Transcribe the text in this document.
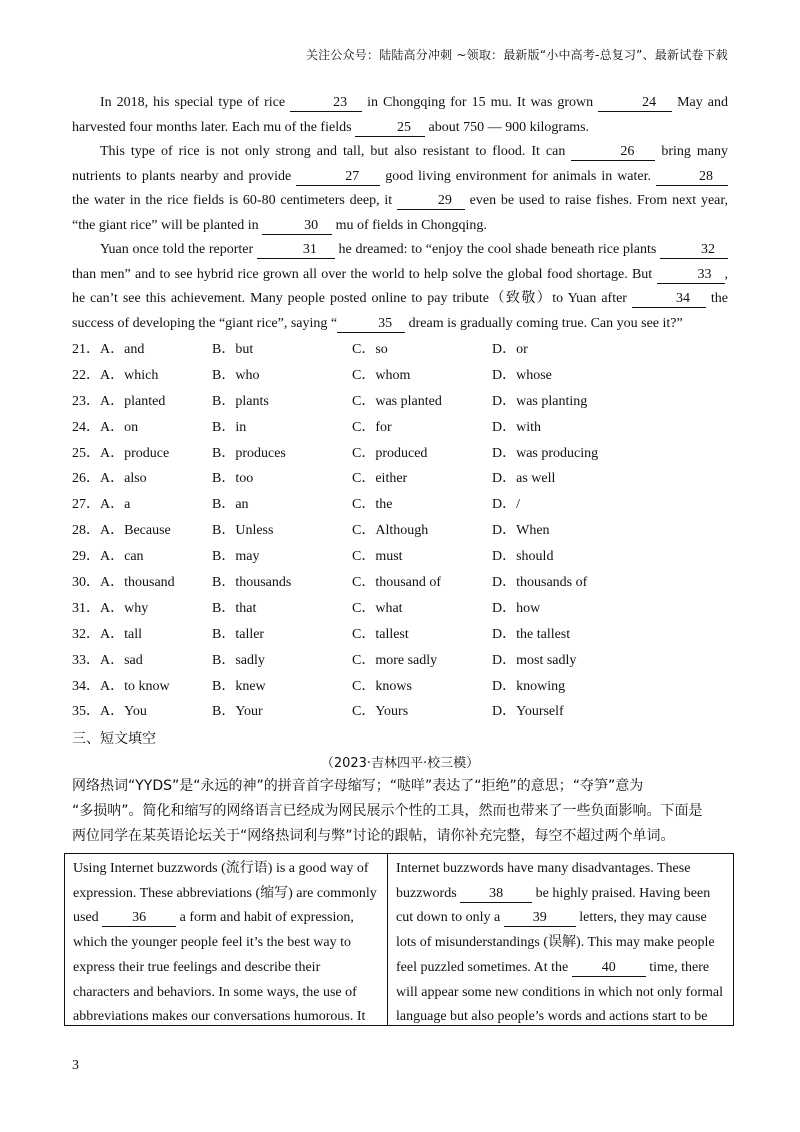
关注公众号：陆陆高分冲刺 ~领取：最新版“小中高考-总复习”、最新试卷下载

In 2018, his special type of rice	23 in Chongqing for 15 mu. It was grown	24 May and harvested four months later. Each mu of the fields	25 about 750 — 900 kilograms.

This type of rice is not only strong and tall, but also resistant to flood. It can	26 bring many nutrients to plants nearby and provide	27 good living environment for animals in water.	28 the water in the rice fields is 60-80 centimeters deep, it	29 even be used to raise fishes. From next year, “the giant rice” will be planted in	30 mu of fields in Chongqing.

Yuan once told the reporter	31 he dreamed: to “enjoy the cool shade beneath rice plants	32 than men” and to see hybrid rice grown all over the world to help solve the global food shortage. But	33 , he can’t see this achievement. Many people posted online to pay tribute（致敬）to Yuan after	34 the success of developing the “giant rice”, saying “	35 dream is gradually coming true. Can you see it?”

21． A．and	B．but	C．so	D．or
22． A．which	B．who	C．whom	D．whose
23． A．planted	B．plants	C．was planted	D．was planting
24． A．on	B．in	C．for	D．with
25． A．produce	B．produces	C．produced	D．was producing
26． A．also	B．too	C．either	D．as well
27． A．a	B．an	C．the	D．/
28． A．Because	B．Unless	C．Although	D．When
29． A．can	B．may	C．must	D．should
30． A．thousand	B．thousands	C．thousand of	D．thousands of
31． A．why	B．that	C．what	D．how
32． A．tall	B．taller	C．tallest	D．the tallest
33． A．sad	B．sadly	C．more sadly	D．most sadly
34． A．to know	B．knew	C．knows	D．knowing
35． A．You	B．Your	C．Yours	D．Yourself
三、短文填空
（2023·吉林四平·校三模）

网络热词“YYDS”是“永远的神”的拼音首字母缩写；“哒咩”表达了“拒绝”的意思；“夺笋”意为

“多损呐”。简化和缩写的网络语言已经成为网民展示个性的工具，然而也带来了一些负面影响。下面是

两位同学在某英语论坛关于“网络热词利与弊”讨论的跟帖，请你补充完整，每空不超过两个单词。

Using Internet buzzwords (流行语) is a good way of expression. These abbreviations (缩写) are commonly used 36 a form and habit of expression, which the younger people feel it’s the best way to express their true feelings and describe their characters and behaviors. In some ways, the use of abbreviations makes our conversations humorous. It
Internet buzzwords have many disadvantages. These buzzwords 38 be highly praised. Having been cut down to only a 39 letters, they may cause lots of misunderstandings (误解). This may make people feel puzzled sometimes. At the 40 time, there will appear some new conditions in which not only formal language but also people’s words and actions start to be
3
